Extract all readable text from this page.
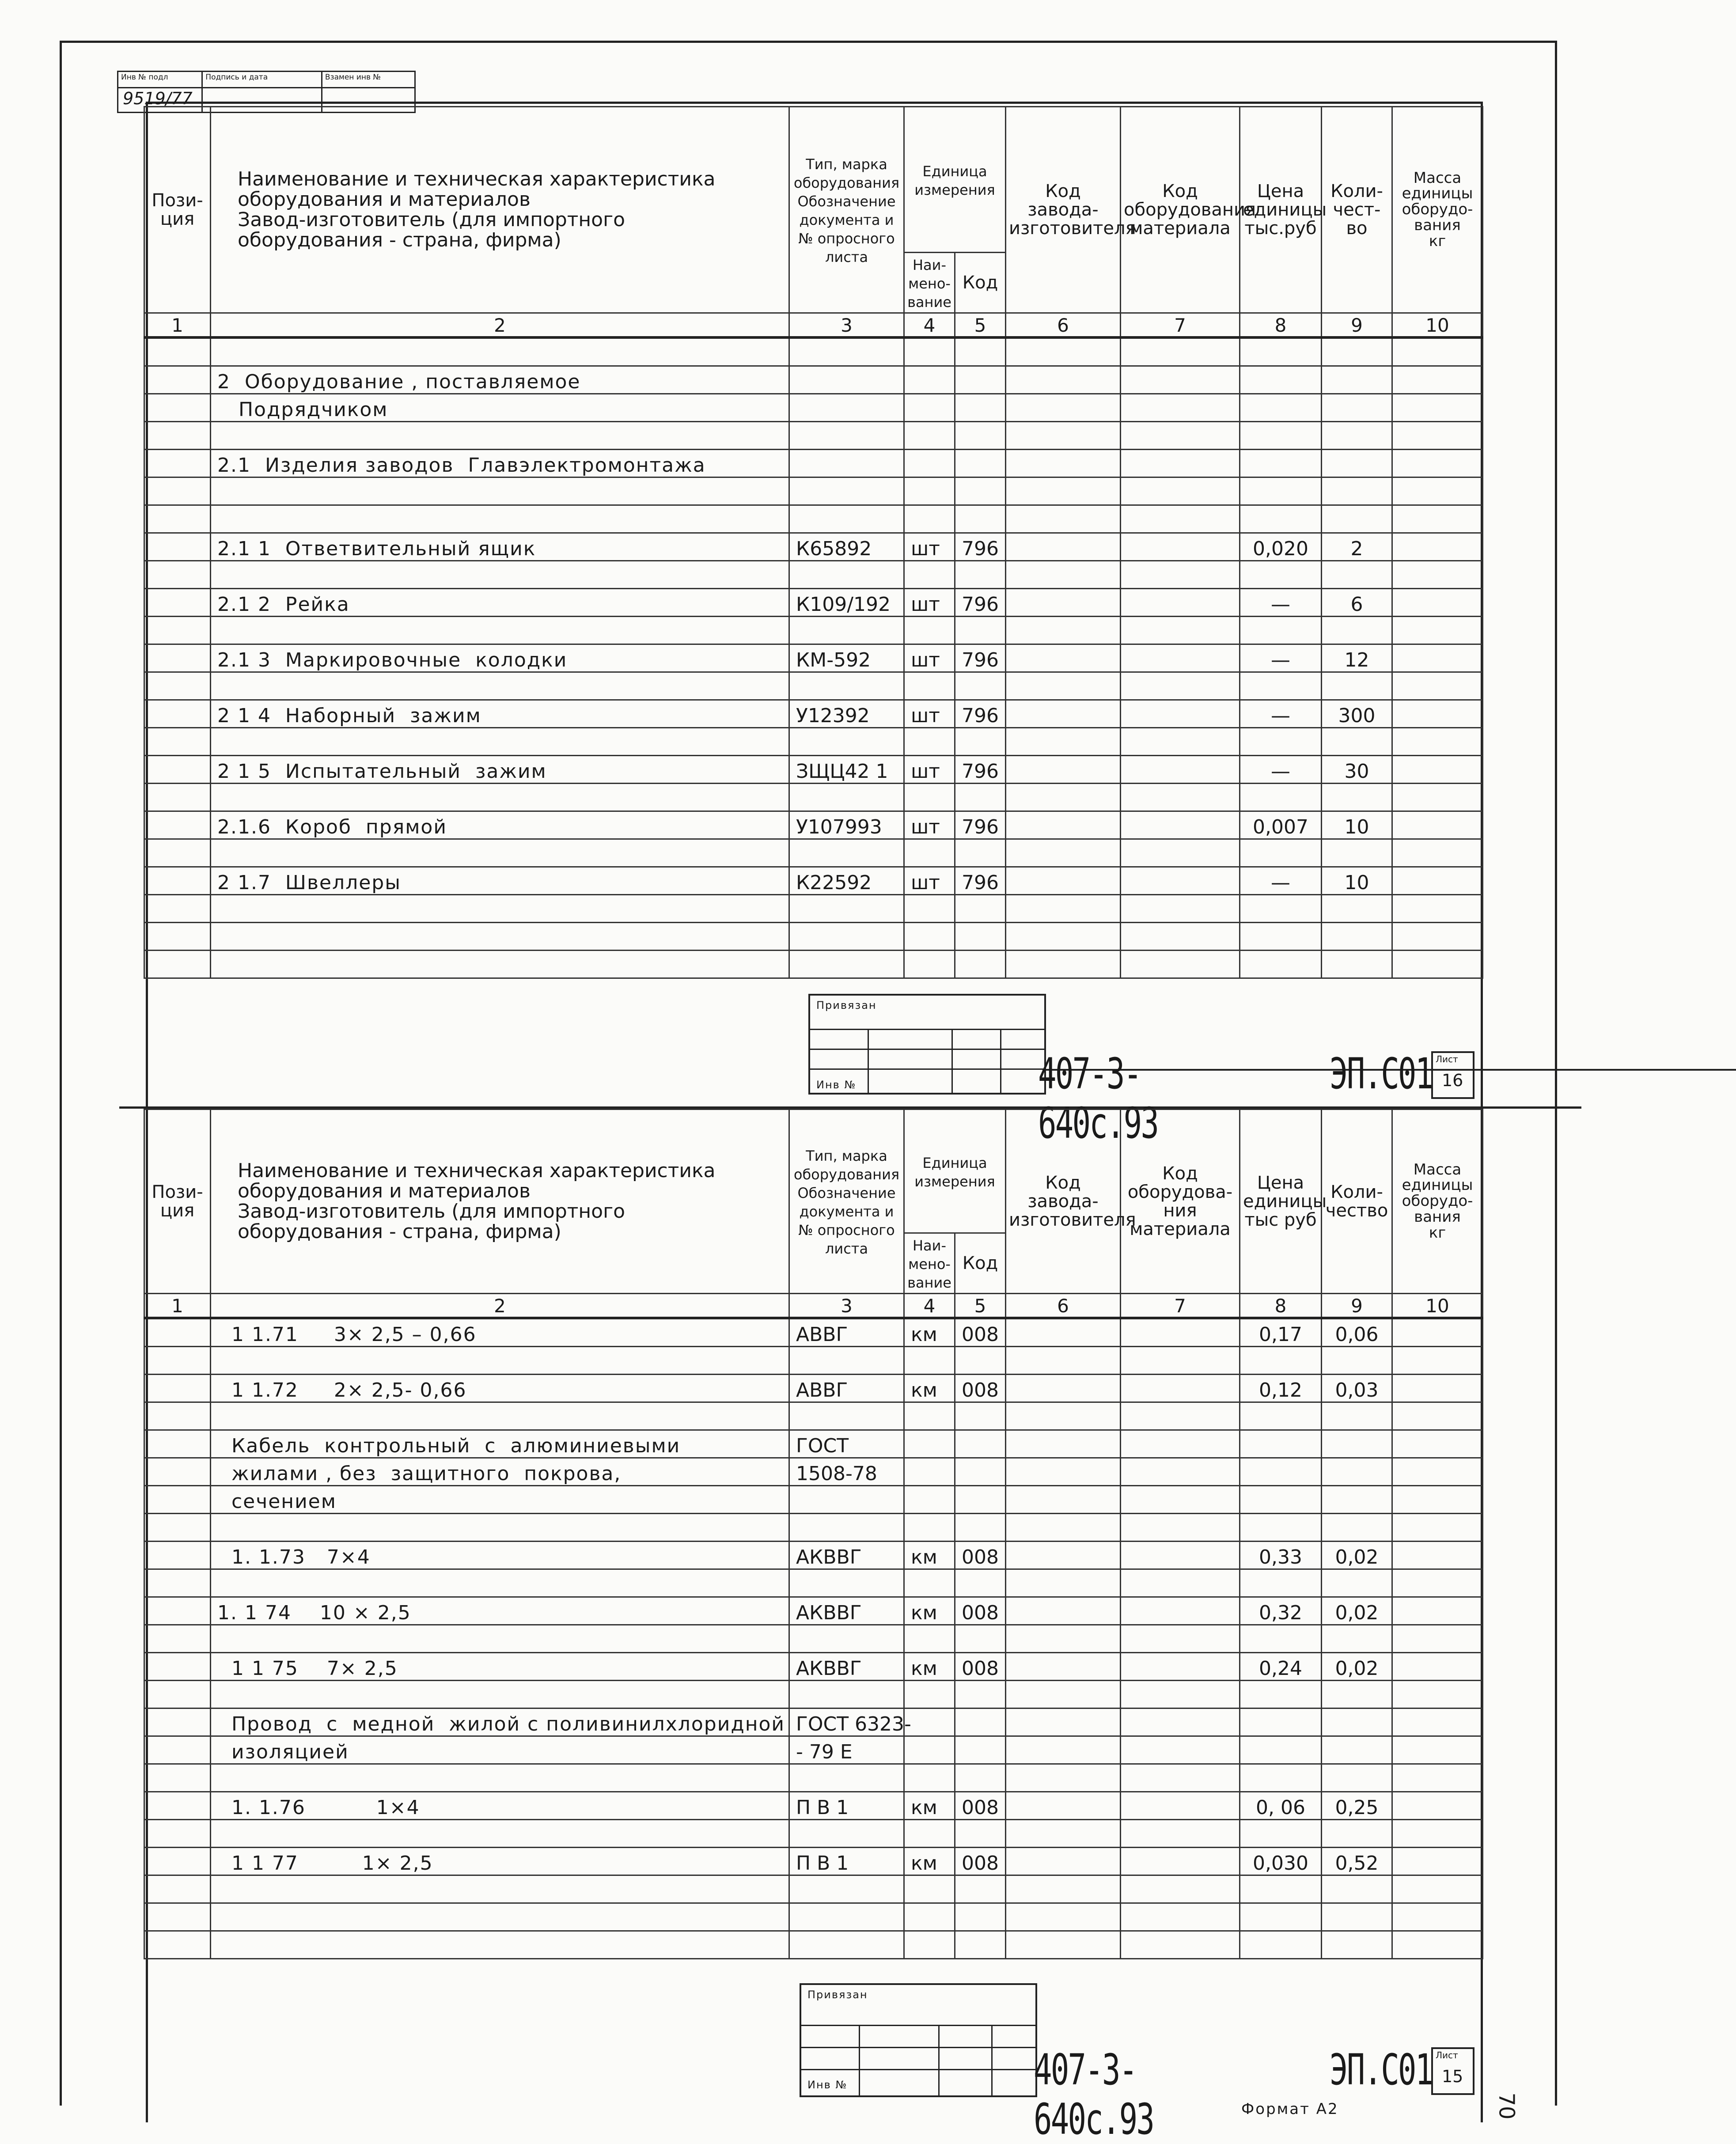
Инв № подл
9519/77
Подпись и дата	Взамен инв №
Пози-
ция	Наименование и техническая характеристика
оборудования и материалов
Завод-изготовитель (для импортного
оборудования - страна, фирма)	Тип, марка оборудования Обозначение документа и № опросного листа	Единица измерения		Код
завода-
изготовителя	Код
оборудования
материала	Цена
единицы
тыс.руб	Коли-
чест-
во	Масса
единицы
оборудо-
вания
кг
			Наи-
мено-
вание	Код					
1	2	3	4	5	6	7	8	9	10

	2  Оборудование , поставляемое								
	Подрядчиком								

	2.1  Изделия заводов  Главэлектромонтажа								

	2.1 1  Ответвительный ящик	К65892	шт	796			0,020	2	

	2.1 2  Рейка	К109/192	шт	796			—	6	

	2.1 3  Маркировочные  колодки	КМ-592	шт	796			—	12	

	2 1 4  Наборный  зажим	У12392	шт	796			—	300	

	2 1 5  Испытательный  зажим	ЗЩЦ42 1	шт	796			—	30	

	2.1.6  Короб  прямой	У107993	шт	796			0,007	10	

	2 1.7  Швеллеры	К22592	шт	796			—	10	

Привязан
Инв №	407-3-640с.93
ЭП.С01 Лист
16
Пози-
ция	Наименование и техническая характеристика
оборудования и материалов
Завод-изготовитель (для импортного
оборудования - страна, фирма)	Тип, марка оборудования Обозначение документа и № опросного листа	Единица измерения		Код
завода-
изготовителя	Код
оборудова-
ния
материала	Цена
единицы
тыс руб	Коли-
чество	Масса
единицы
оборудо-
вания
кг
			Наи-
мено-
вание	Код					
1	2	3	4	5	6	7	8	9	10
	1 1.71     3× 2,5 – 0,66	АВВГ	км	008			0,17	0,06	

	1 1.72     2× 2,5- 0,66	АВВГ	км	008			0,12	0,03	

	Кабель  контрольный  с  алюминиевыми	ГОСТ							
	жилами , без  защитного  покрова,	1508-78							
	сечением								

	1. 1.73   7×4	АКВВГ	км	008			0,33	0,02	

	1. 1 74    10 × 2,5	АКВВГ	км	008			0,32	0,02	

	1 1 75    7× 2,5	АКВВГ	км	008			0,24	0,02	

	Провод  с  медной  жилой с поливинилхлоридной	ГОСТ 6323-							
	изоляцией	- 79 Е							

	1. 1.76          1×4	П В 1	км	008			0, 06	0,25	

	1 1 77         1× 2,5	П В 1	км	008			0,030	0,52	

Привязан
Инв №	407-3-640с.93
ЭП.С01 Лист
15
Формат А2	70
